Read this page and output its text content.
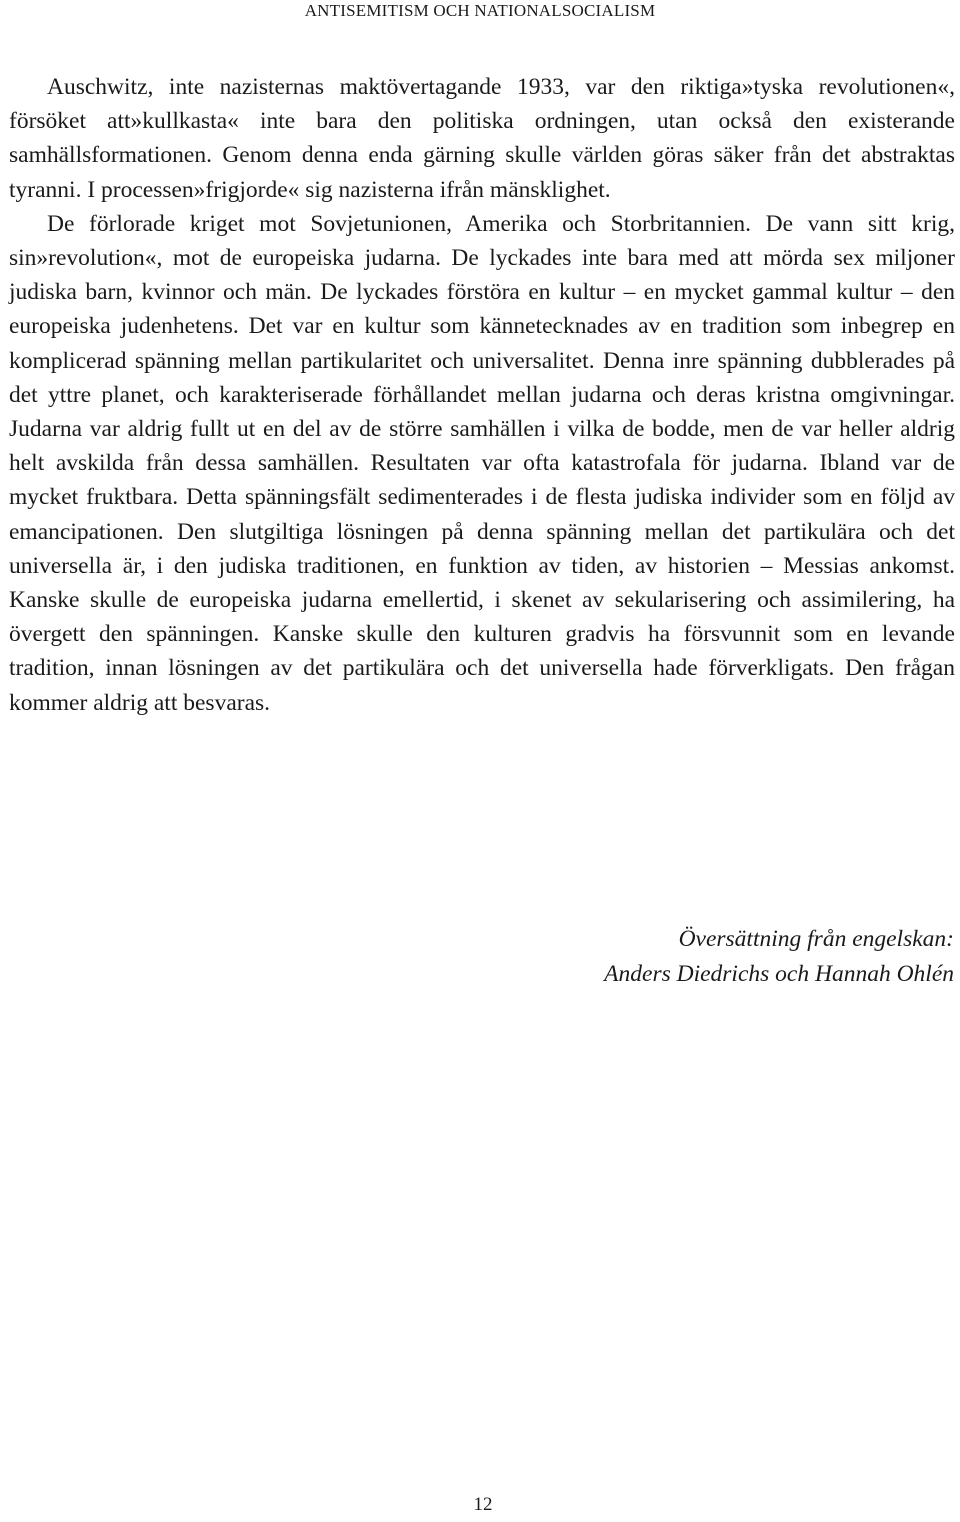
ANTISEMITISM OCH NATIONALSOCIALISM

Auschwitz, inte nazisternas maktövertagande 1933, var den riktiga»tyska revolutionen«, försöket att»kullkasta« inte bara den politiska ordningen, utan också den existerande samhällsformationen. Genom denna enda gärning skulle världen göras säker från det abstraktas tyranni. I processen»frigjorde« sig nazisterna ifrån mänsklighet.

De förlorade kriget mot Sovjetunionen, Amerika och Storbritannien. De vann sitt krig, sin»revolution«, mot de europeiska judarna. De lyckades inte bara med att mörda sex miljoner judiska barn, kvinnor och män. De lyckades förstöra en kultur – en mycket gammal kultur – den europeiska judenhetens. Det var en kultur som kännetecknades av en tradition som inbegrep en komplicerad spänning mellan partikularitet och universalitet. Denna inre spänning dubblerades på det yttre planet, och karakteriserade förhållandet mellan judarna och deras kristna omgivningar. Judarna var aldrig fullt ut en del av de större samhällen i vilka de bodde, men de var heller aldrig helt avskilda från dessa samhällen. Resultaten var ofta katastrofala för judarna. Ibland var de mycket fruktbara. Detta spänningsfält sedimenterades i de flesta judiska individer som en följd av emancipationen. Den slutgiltiga lösningen på denna spänning mellan det partikulära och det universella är, i den judiska traditionen, en funktion av tiden, av historien – Messias ankomst. Kanske skulle de europeiska judarna emellertid, i skenet av sekularisering och assimilering, ha övergett den spänningen. Kanske skulle den kulturen gradvis ha försvunnit som en levande tradition, innan lösningen av det partikulära och det universella hade förverkligats. Den frågan kommer aldrig att besvaras.

Översättning från engelskan:
Anders Diedrichs och Hannah Ohlén
12
